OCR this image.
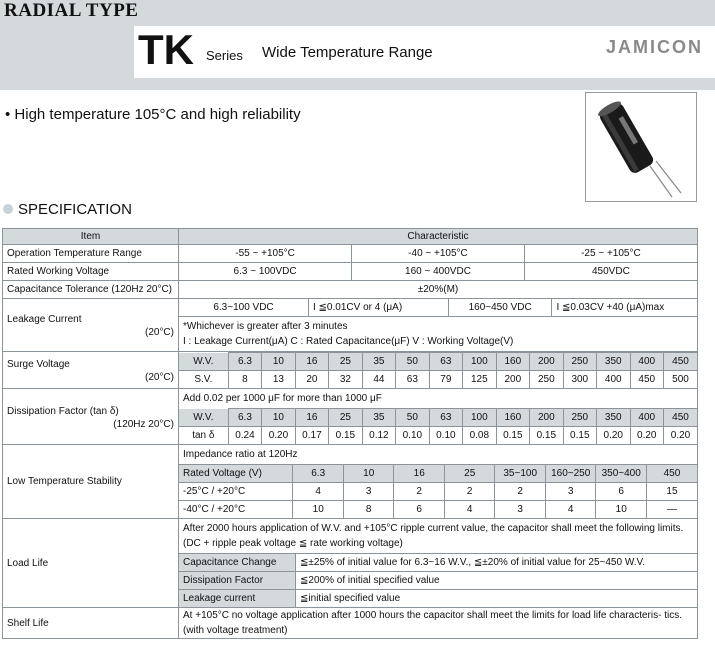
RADIAL TYPE
TK Series Wide Temperature Range	JAMICON
• High temperature 105°C and high reliability
SPECIFICATION
Item	Characteristic
Operation Temperature Range		-55 ~ +105°C	-40 ~ +105°C	-25 ~ +105°C

Rated Working Voltage		6.3 ~ 100VDC	160 ~ 400VDC	450VDC

Capacitance Tolerance (120Hz 20°C)	±20%(M)

Leakage Current
(20°C)

6.3~100 VDC	I ≦0.01CV or 4 (μA)	160~450 VDC	I ≦0.03CV +40 (μA)max

*Whichever is greater after 3 minutes
I : Leakage Current(μA) C : Rated Capacitance(μF) V : Working Voltage(V)

Surge Voltage
(20°C)

W.V.	6.3	10	16	25	35	50	63	100	160	200	250	350	400	450
S.V.	8	13	20	32	44	63	79	125	200	250	300	400	450	500

Dissipation Factor (tan δ)
(120Hz 20°C)

Add 0.02 per 1000 μF for more than 1000 μF
W.V.	6.3	10	16	25	35	50	63	100	160	200	250	350	400	450
tan δ	0.24	0.20	0.17	0.15	0.12	0.10	0.10	0.08	0.15	0.15	0.15	0.20	0.20	0.20

Low Temperature Stability	
Impedance ratio at 120Hz
Rated Voltage (V)	6.3	10	16	25	35~100	160~250	350~400	450
-25°C / +20°C	4	3	2	2	2	3	6	15
-40°C / +20°C	10	8	6	4	3	4	10	—

Load Life	
After 2000 hours application of W.V. and +105°C ripple current value, the capacitor shall meet the following limits. (DC + ripple peak voltage ≦ rate working voltage)
Capacitance Change	≦±25% of initial value for 6.3~16 W.V., ≦±20% of initial value for 25~450 W.V.
Dissipation Factor	≦200% of initial specified value
Leakage current	≦initial specified value

Shelf Life	At +105°C no voltage application after 1000 hours the capacitor shall meet the limits for load life characteris- tics. (with voltage treatment)
